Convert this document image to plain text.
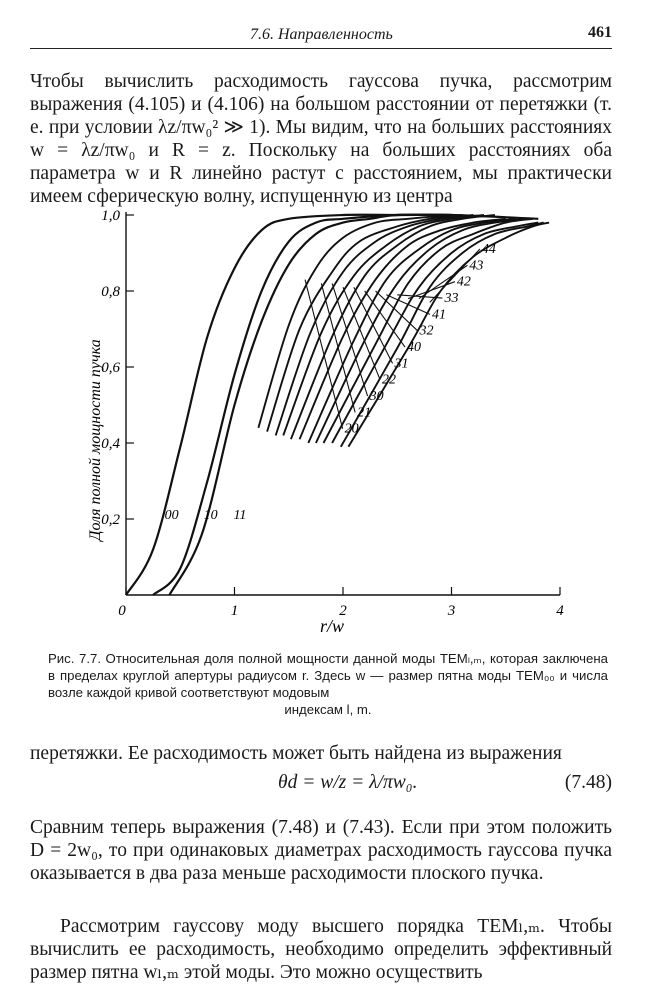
7.6. Направленность	461

Чтобы вычислить расходимость гауссова пучка, рассмотрим выражения (4.105) и (4.106) на большом расстоянии от перетяжки (т. е. при условии λz/πw₀² ≫ 1). Мы видим, что на больших расстояниях w = λz/πw₀ и R = z. Поскольку на больших расстояниях оба параметра w и R линейно растут с расстоянием, мы практически имеем сферическую волну, испущенную из центра

0	1	2	3	4
0,2
0,4
0,6
0,8
1,0
00 10 11
44
43
42
33
41
32
40
31
22
30
21
20
Доля полной мощности пучка
r/w

Рис. 7.7. Относительная доля полной мощности данной моды TEMₗ,ₘ, которая заключена в пределах круглой апертуры радиусом r. Здесь w — размер пятна моды TEM₀₀ и числа возле каждой кривой соответствуют модовым
индексам l, m.

перетяжки. Ее расходимость может быть найдена из выражения

θd = w/z = λ/πw₀.	(7.48)

Сравним теперь выражения (7.48) и (7.43). Если при этом положить D = 2w₀, то при одинаковых диаметрах расходимость гауссова пучка оказывается в два раза меньше расходимости плоского пучка.

Рассмотрим гауссову моду высшего порядка TEMₗ,ₘ. Чтобы вычислить ее расходимость, необходимо определить эффективный размер пятна wₗ,ₘ этой моды. Это можно осуществить
